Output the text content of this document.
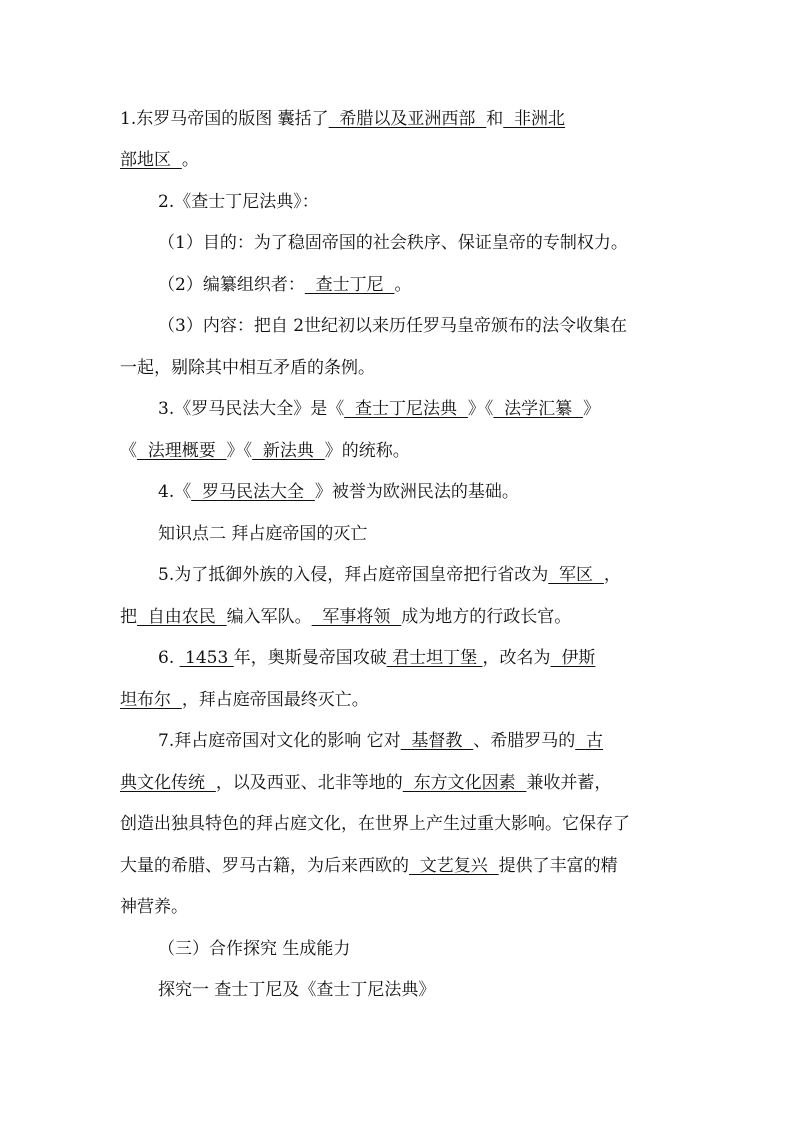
1.东罗马帝国的版图 囊括了  希腊以及亚洲西部  和  非洲北
部地区  。
2.《查士丁尼法典》：
（1）目的：为了稳固帝国的社会秩序、保证皇帝的专制权力。
（2）编纂组织者：  查士丁尼  。
（3）内容：把自 2世纪初以来历任罗马皇帝颁布的法令收集在
一起，剔除其中相互矛盾的条例。
3.《罗马民法大全》是《  查士丁尼法典  》《  法学汇纂  》
《  法理概要  》《  新法典  》的统称。
4.《  罗马民法大全  》被誉为欧洲民法的基础。
知识点二 拜占庭帝国的灭亡
5.为了抵御外族的入侵，拜占庭帝国皇帝把行省改为  军区  ，
把  自由农民  编入军队。  军事将领  成为地方的行政长官。
6.  1453 年，奥斯曼帝国攻破 君士坦丁堡 ，改名为  伊斯
坦布尔  ，拜占庭帝国最终灭亡。
7.拜占庭帝国对文化的影响 它对  基督教  、希腊罗马的  古
典文化传统  ，以及西亚、北非等地的  东方文化因素  兼收并蓄，
创造出独具特色的拜占庭文化，在世界上产生过重大影响。它保存了
大量的希腊、罗马古籍，为后来西欧的  文艺复兴  提供了丰富的精
神营养。
（三）合作探究 生成能力
探究一 查士丁尼及《查士丁尼法典》
